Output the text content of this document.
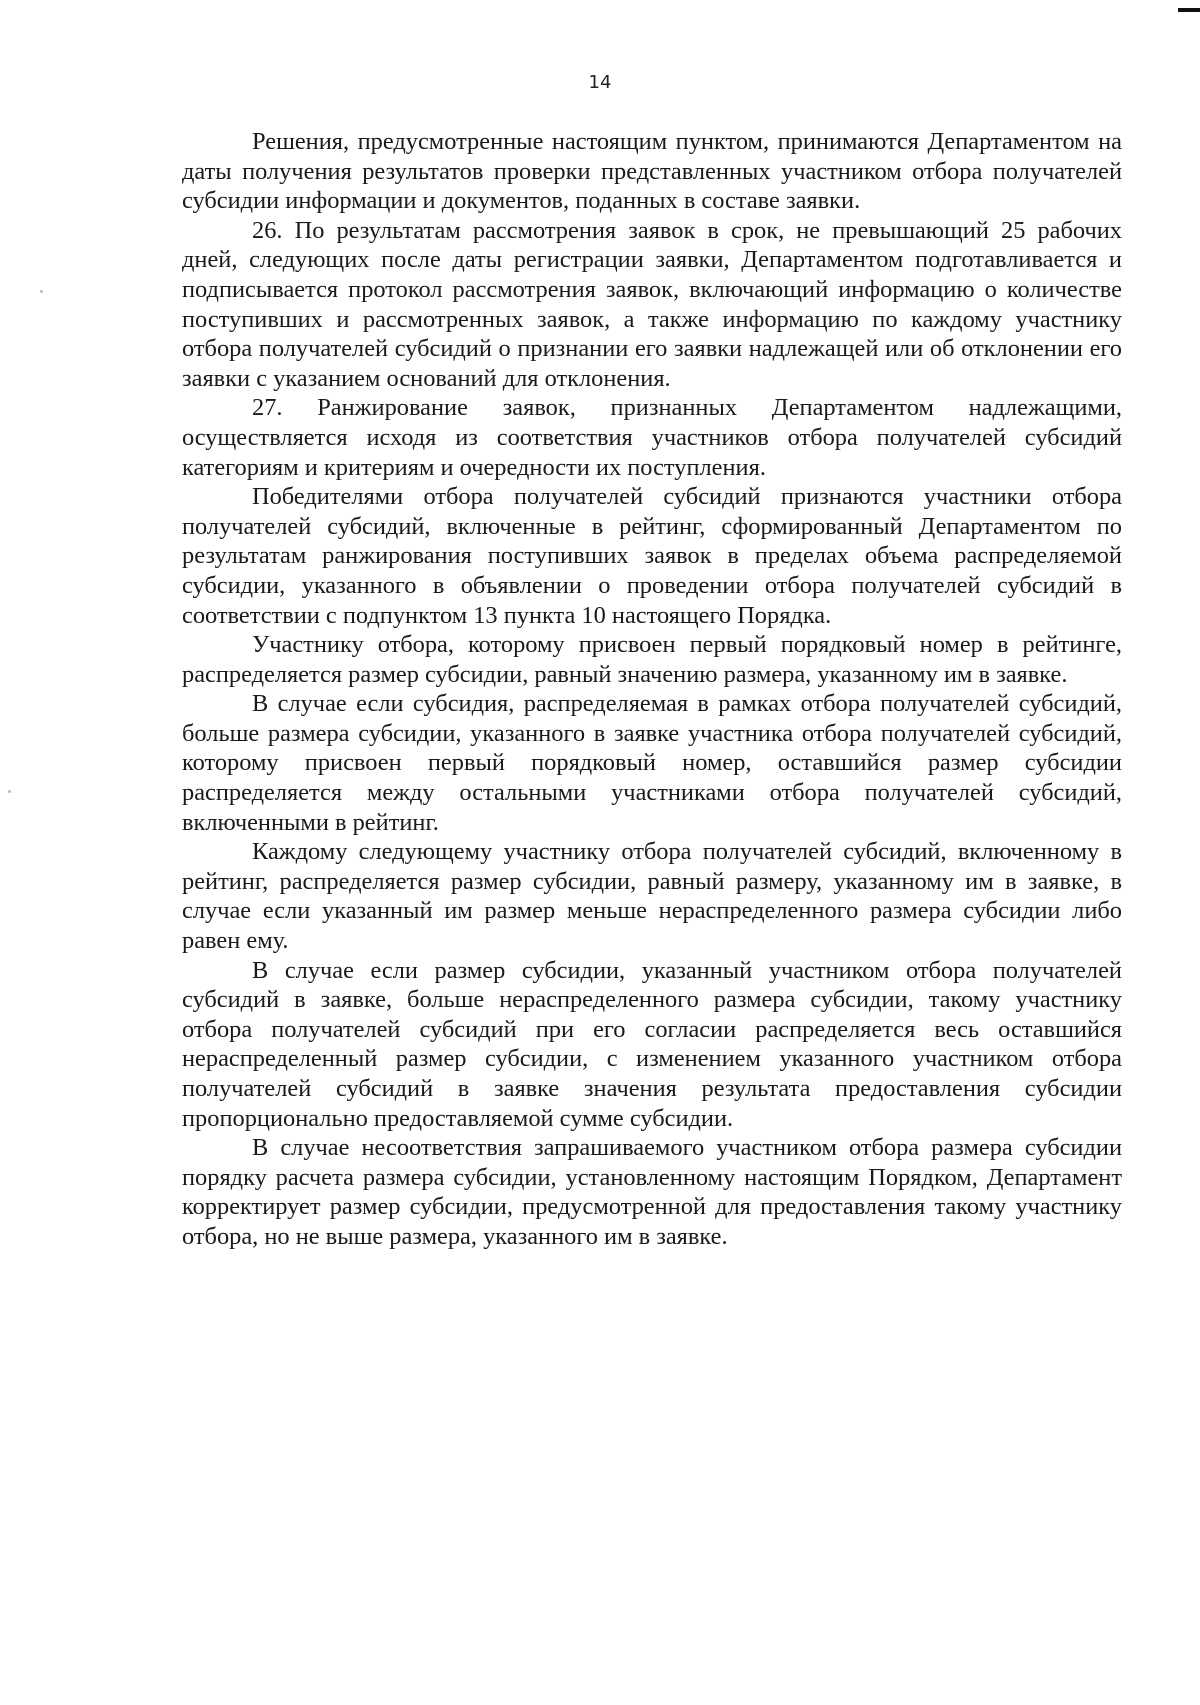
14

Решения, предусмотренные настоящим пунктом, принимаются Департаментом на даты получения результатов проверки представленных участником отбора получателей субсидии информации и документов, поданных в составе заявки.

26. По результатам рассмотрения заявок в срок, не превышающий 25 рабочих дней, следующих после даты регистрации заявки, Департаментом подготавливается и подписывается протокол рассмотрения заявок, включающий информацию о количестве поступивших и рассмотренных заявок, а также информацию по каждому участнику отбора получателей субсидий о признании его заявки надлежащей или об отклонении его заявки с указанием оснований для отклонения.

27. Ранжирование заявок, признанных Департаментом надлежащими, осуществляется исходя из соответствия участников отбора получателей субсидий категориям и критериям и очередности их поступления.

Победителями отбора получателей субсидий признаются участники отбора получателей субсидий, включенные в рейтинг, сформированный Департаментом по результатам ранжирования поступивших заявок в пределах объема распределяемой субсидии, указанного в объявлении о проведении отбора получателей субсидий в соответствии с подпунктом 13 пункта 10 настоящего Порядка.

Участнику отбора, которому присвоен первый порядковый номер в рейтинге, распределяется размер субсидии, равный значению размера, указанному им в заявке.

В случае если субсидия, распределяемая в рамках отбора получателей субсидий, больше размера субсидии, указанного в заявке участника отбора получателей субсидий, которому присвоен первый порядковый номер, оставшийся размер субсидии распределяется между остальными участниками отбора получателей субсидий, включенными в рейтинг.

Каждому следующему участнику отбора получателей субсидий, включенному в рейтинг, распределяется размер субсидии, равный размеру, указанному им в заявке, в случае если указанный им размер меньше нераспределенного размера субсидии либо равен ему.

В случае если размер субсидии, указанный участником отбора получателей субсидий в заявке, больше нераспределенного размера субсидии, такому участнику отбора получателей субсидий при его согласии распределяется весь оставшийся нераспределенный размер субсидии, с изменением указанного участником отбора получателей субсидий в заявке значения результата предоставления субсидии пропорционально предоставляемой сумме субсидии.

В случае несоответствия запрашиваемого участником отбора размера субсидии порядку расчета размера субсидии, установленному настоящим Порядком, Департамент корректирует размер субсидии, предусмотренной для предоставления такому участнику отбора, но не выше размера, указанного им в заявке.
